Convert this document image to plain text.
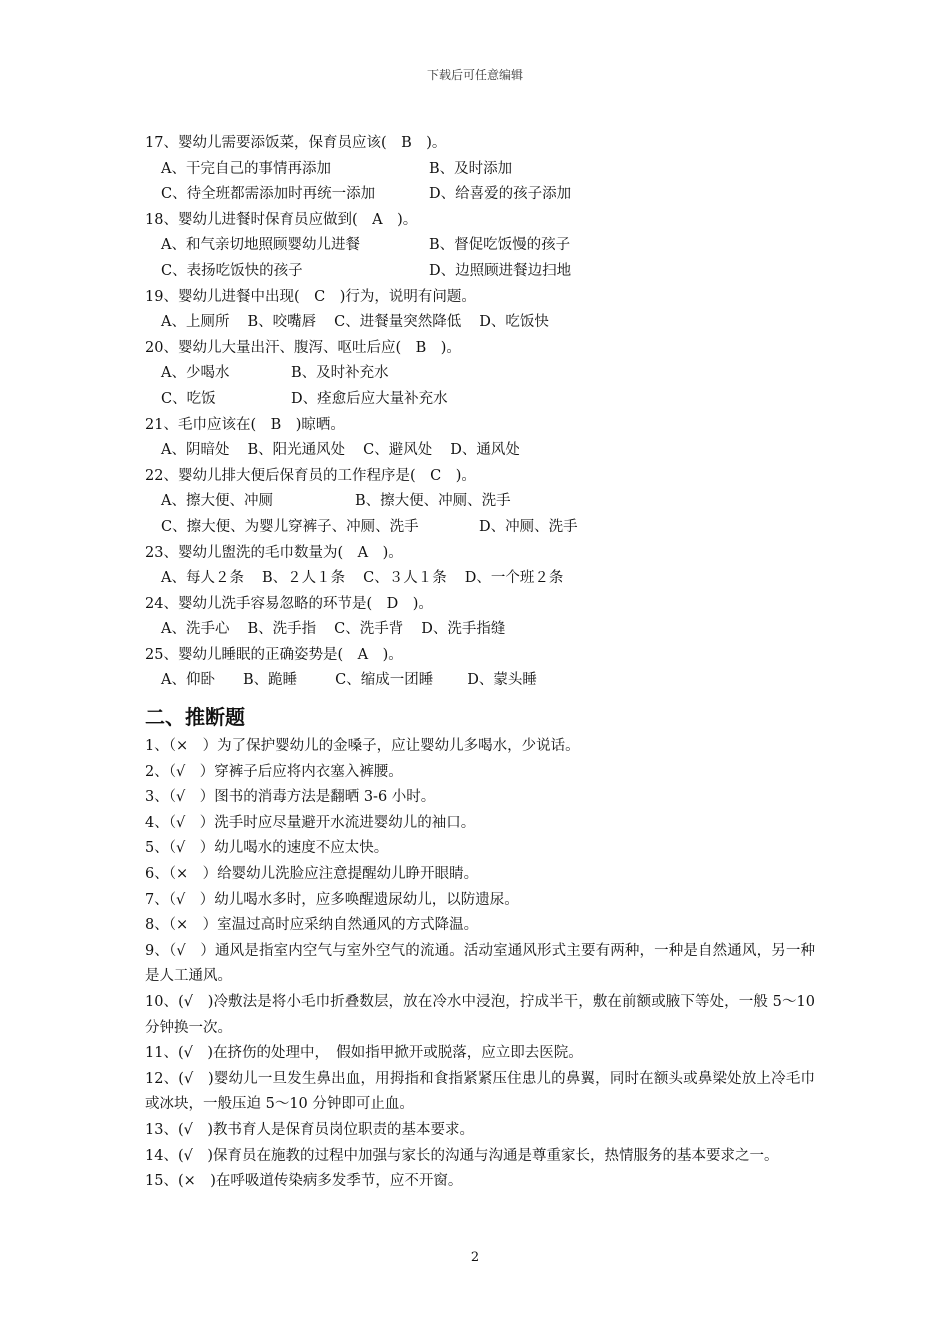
下载后可任意编辑
17、婴幼儿需要添饭菜，保育员应该(　B　)。
A、干完自己的事情再添加	B、及时添加
C、待全班都需添加时再统一添加	D、给喜爱的孩子添加
18、婴幼儿进餐时保育员应做到(　A　)。
A、和气亲切地照顾婴幼儿进餐	B、督促吃饭慢的孩子
C、表扬吃饭快的孩子	D、边照顾进餐边扫地
19、婴幼儿进餐中出现(　C　)行为，说明有问题。
A、上厕所 B、咬嘴唇 C、进餐量突然降低 D、吃饭快
20、婴幼儿大量出汗、腹泻、呕吐后应(　B　)。
A、少喝水	B、及时补充水
C、吃饭	D、痊愈后应大量补充水
21、毛巾应该在(　B　)晾晒。
A、阴暗处 B、阳光通风处 C、避风处 D、通风处
22、婴幼儿排大便后保育员的工作程序是(　C　)。
A、擦大便、冲厕	B、擦大便、冲厕、洗手
C、擦大便、为婴儿穿裤子、冲厕、洗手	D、冲厕、洗手
23、婴幼儿盥洗的毛巾数量为(　A　)。
A、每人２条 B、２人１条 C、３人１条 D、一个班２条
24、婴幼儿洗手容易忽略的环节是(　D　)。
A、洗手心 B、洗手指 C、洗手背 D、洗手指缝
25、婴幼儿睡眠的正确姿势是(　A　)。
A、仰卧 B、跪睡	C、缩成一团睡 D、蒙头睡
二、推断题
1、（×　）为了保护婴幼儿的金嗓子，应让婴幼儿多喝水，少说话。
2、（√　）穿裤子后应将内衣塞入裤腰。
3、（√　）图书的消毒方法是翻晒 3-6 小时。
4、（√　）洗手时应尽量避开水流进婴幼儿的袖口。
5、（√　）幼儿喝水的速度不应太快。
6、（×　）给婴幼儿洗脸应注意提醒幼儿睁开眼睛。
7、（√　）幼儿喝水多时，应多唤醒遗尿幼儿，以防遗尿。
8、（×　）室温过高时应采纳自然通风的方式降温。
9、（√　）通风是指室内空气与室外空气的流通。活动室通风形式主要有两种，一种是自然通风，另一种是人工通风。
10、(√　)冷敷法是将小毛巾折叠数层，放在冷水中浸泡，拧成半干，敷在前额或腋下等处，一般 5～10 分钟换一次。
11、(√　)在挤伤的处理中，　假如指甲掀开或脱落，应立即去医院。
12、(√　)婴幼儿一旦发生鼻出血，用拇指和食指紧紧压住患儿的鼻翼，同时在额头或鼻梁处放上冷毛巾或冰块，一般压迫 5～10 分钟即可止血。
13、(√　)教书育人是保育员岗位职责的基本要求。
14、(√　)保育员在施教的过程中加强与家长的沟通与沟通是尊重家长，热情服务的基本要求之一。
15、(×　)在呼吸道传染病多发季节，应不开窗。
2
